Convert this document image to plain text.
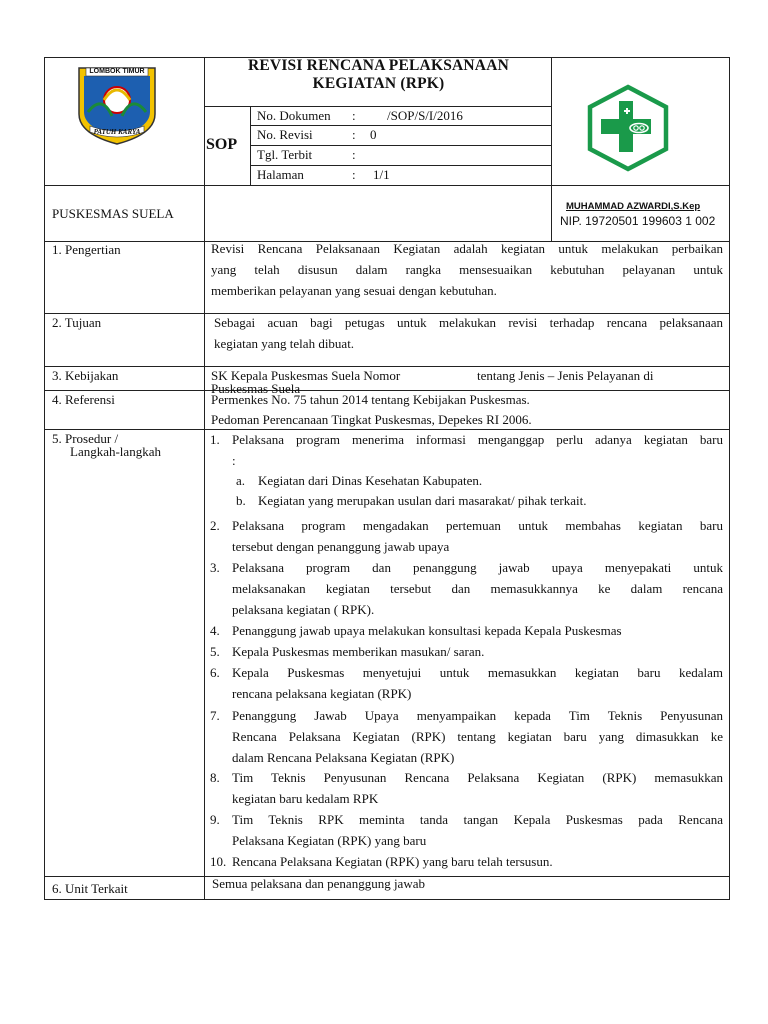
LOMBOK TIMUR
PATUH KARYA
REVISI RENCANA PELAKSANAAN
KEGIATAN (RPK)
SOP
No. Dokumen : /SOP/S/I/2016
No. Revisi	: 0
Tgl. Terbit	:
Halaman	: 1/1
PUSKESMAS SUELA	MUHAMMAD AZWARDI,S.Kep
NIP. 19720501 199603 1 002
1. Pengertian	Revisi Rencana Pelaksanaan Kegiatan adalah kegiatan untuk melakukan perbaikan
yang telah disusun dalam rangka mensesuaikan kebutuhan pelayanan untuk
memberikan pelayanan yang sesuai dengan kebutuhan.
2. Tujuan	Sebagai acuan bagi petugas untuk melakukan revisi terhadap rencana pelaksanaan
kegiatan yang telah dibuat.
3. Kebijakan	SK Kepala Puskesmas Suela Nomor	tentang Jenis – Jenis Pelayanan di
Puskesmas Suela
4. Referensi	Permenkes No. 75 tahun 2014 tentang Kebijakan Puskesmas.
Pedoman Perencanaan Tingkat Puskesmas, Depekes RI 2006.
5. Prosedur /
Langkah-langkah
1. Pelaksana program menerima informasi menganggap perlu adanya kegiatan baru
:
a. Kegiatan dari Dinas Kesehatan Kabupaten.
b. Kegiatan yang merupakan usulan dari masarakat/ pihak terkait.
2. Pelaksana program mengadakan pertemuan untuk membahas kegiatan baru
tersebut dengan penanggung jawab upaya
3. Pelaksana program dan penanggung jawab upaya menyepakati untuk
melaksanakan kegiatan tersebut dan memasukkannya ke dalam rencana
pelaksana kegiatan ( RPK).
4. Penanggung jawab upaya melakukan konsultasi kepada Kepala Puskesmas
5. Kepala Puskesmas memberikan masukan/ saran.
6. Kepala Puskesmas menyetujui untuk memasukkan kegiatan baru kedalam
rencana pelaksana kegiatan (RPK)
7. Penanggung Jawab Upaya menyampaikan kepada Tim Teknis Penyusunan
Rencana Pelaksana Kegiatan (RPK) tentang kegiatan baru yang dimasukkan ke
dalam Rencana Pelaksana Kegiatan (RPK)
8. Tim Teknis Penyusunan Rencana Pelaksana Kegiatan (RPK) memasukkan
kegiatan baru kedalam RPK
9. Tim Teknis RPK meminta tanda tangan Kepala Puskesmas pada Rencana
Pelaksana Kegiatan (RPK) yang baru
10. Rencana Pelaksana Kegiatan (RPK) yang baru telah tersusun.
6. Unit Terkait	Semua pelaksana dan penanggung jawab
